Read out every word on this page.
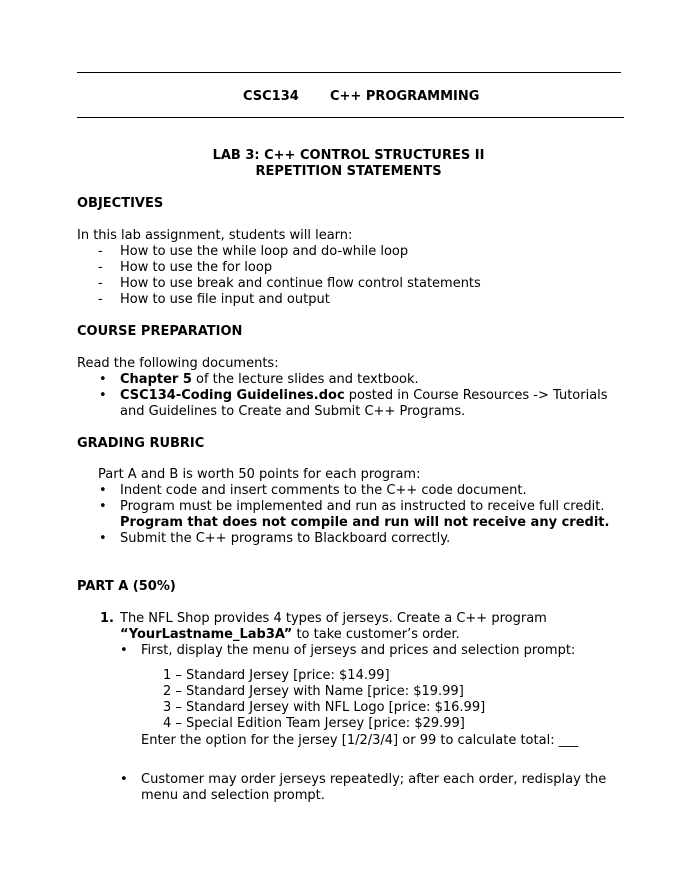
CSC134 C++ PROGRAMMING
LAB 3: C++ CONTROL STRUCTURES II
REPETITION STATEMENTS
OBJECTIVES
In this lab assignment, students will learn:
- How to use the while loop and do-while loop
- How to use the for loop
- How to use break and continue flow control statements
- How to use file input and output
COURSE PREPARATION
Read the following documents:
• Chapter 5 of the lecture slides and textbook.
• CSC134-Coding Guidelines.doc posted in Course Resources -> Tutorials
and Guidelines to Create and Submit C++ Programs.
GRADING RUBRIC
Part A and B is worth 50 points for each program:
• Indent code and insert comments to the C++ code document.
• Program must be implemented and run as instructed to receive full credit.
Program that does not compile and run will not receive any credit.
• Submit the C++ programs to Blackboard correctly.
PART A (50%)
1. The NFL Shop provides 4 types of jerseys. Create a C++ program
“YourLastname_Lab3A” to take customer’s order.
• First, display the menu of jerseys and prices and selection prompt:
1 – Standard Jersey [price: $14.99]
2 – Standard Jersey with Name [price: $19.99]
3 – Standard Jersey with NFL Logo [price: $16.99]
4 – Special Edition Team Jersey [price: $29.99]
Enter the option for the jersey [1/2/3/4] or 99 to calculate total: ___
• Customer may order jerseys repeatedly; after each order, redisplay the
menu and selection prompt.
